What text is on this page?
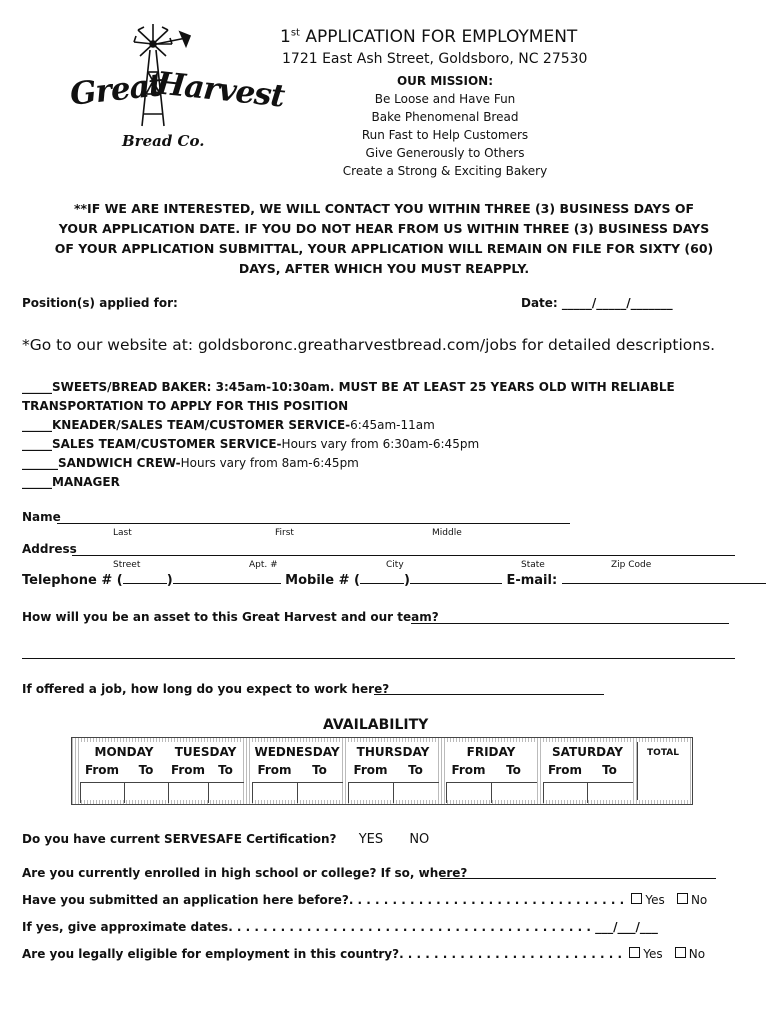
Great
Harvest
Bread Co.
1st APPLICATION FOR EMPLOYMENT
1721 East Ash Street, Goldsboro, NC 27530
OUR MISSION:
Be Loose and Have Fun
Bake Phenomenal Bread
Run Fast to Help Customers
Give Generously to Others
Create a Strong & Exciting Bakery
**IF WE ARE INTERESTED, WE WILL CONTACT YOU WITHIN THREE (3) BUSINESS DAYS OF
YOUR APPLICATION DATE. IF YOU DO NOT HEAR FROM US WITHIN THREE (3) BUSINESS DAYS
OF YOUR APPLICATION SUBMITTAL, YOUR APPLICATION WILL REMAIN ON FILE FOR SIXTY (60)
DAYS, AFTER WHICH YOU MUST REAPPLY.
Position(s) applied for:	Date: _____/_____/_______
*Go to our website at: goldsboronc.greatharvestbread.com/jobs for detailed descriptions.
_____SWEETS/BREAD BAKER: 3:45am-10:30am. MUST BE AT LEAST 25 YEARS OLD WITH RELIABLE
TRANSPORTATION TO APPLY FOR THIS POSITION
_____KNEADER/SALES TEAM/CUSTOMER SERVICE-6:45am-11am
_____SALES TEAM/CUSTOMER SERVICE-Hours vary from 6:30am-6:45pm
______SANDWICH CREW-Hours vary from 8am-6:45pm
_____MANAGER
Name
Last	First	Middle
Address
Street	Apt. #	City	State	Zip Code
Telephone # (	)	Mobile # (	)	E-mail:
How will you be an asset to this Great Harvest and our team?
If offered a job, how long do you expect to work here?
AVAILABILITY
MONDAY
From	To
TUESDAY
From	To
WEDNESDAY
From	To
THURSDAY
From	To
FRIDAY
From	To
SATURDAY
From	To
TOTAL
Do you have current SERVESAFE Certification? YES NO
Are you currently enrolled in high school or college? If so, where?
Have you submitted an application here before?. . . . . . . . . . . . . . . . . . . . . . . . . . . . . . . . Yes No
If yes, give approximate dates. . . . . . . . . . . . . . . . . . . . . . . . . . . . . . . . . . . . . . . . . . ___/___/___
Are you legally eligible for employment in this country?. . . . . . . . . . . . . . . . . . . . . . . . . . Yes No
